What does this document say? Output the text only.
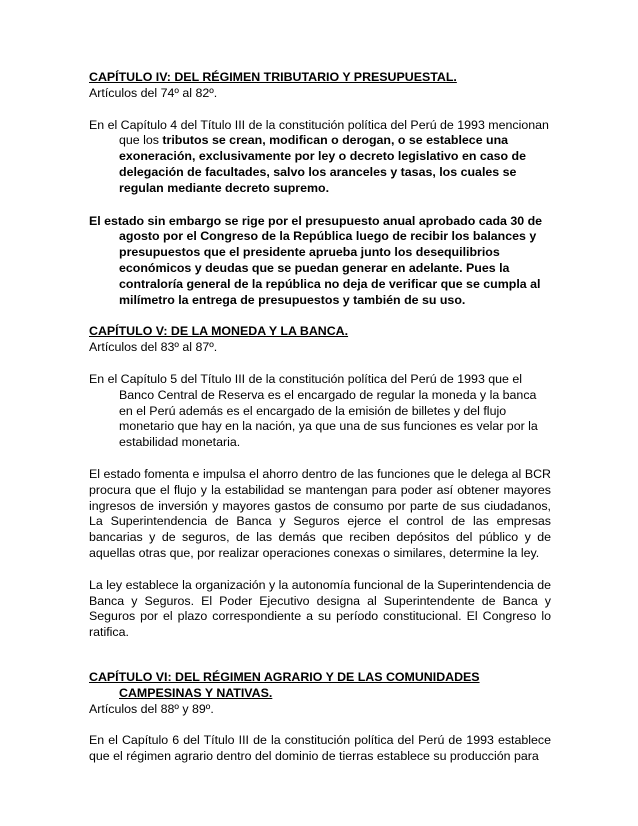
CAPÍTULO IV: DEL RÉGIMEN TRIBUTARIO Y PRESUPUESTAL.

Artículos del 74º al 82º.

En el Capítulo 4 del Título III de la constitución política del Perú de 1993 mencionan que los tributos se crean, modifican o derogan, o se establece una exoneración, exclusivamente por ley o decreto legislativo en caso de delegación de facultades, salvo los aranceles y tasas, los cuales se regulan mediante decreto supremo.

El estado sin embargo se rige por el presupuesto anual aprobado cada 30 de agosto por el Congreso de la República luego de recibir los balances y presupuestos que el presidente aprueba junto los desequilibrios económicos y deudas que se puedan generar en adelante. Pues la contraloría general de la república no deja de verificar que se cumpla al milímetro la entrega de presupuestos y también de su uso.

CAPÍTULO V: DE LA MONEDA Y LA BANCA.

Artículos del 83º al 87º.

En el Capítulo 5 del Título III de la constitución política del Perú de 1993 que el Banco Central de Reserva es el encargado de regular la moneda y la banca en el Perú además es el encargado de la emisión de billetes y del flujo monetario que hay en la nación, ya que una de sus funciones es velar por la estabilidad monetaria.

El estado fomenta e impulsa el ahorro dentro de las funciones que le delega al BCR procura que el flujo y la estabilidad se mantengan para poder así obtener mayores ingresos de inversión y mayores gastos de consumo por parte de sus ciudadanos, La Superintendencia de Banca y Seguros ejerce el control de las empresas bancarias y de seguros, de las demás que reciben depósitos del público y de aquellas otras que, por realizar operaciones conexas o similares, determine la ley.

La ley establece la organización y la autonomía funcional de la Superintendencia de Banca y Seguros. El Poder Ejecutivo designa al Superintendente de Banca y Seguros por el plazo correspondiente a su período constitucional. El Congreso lo ratifica.

CAPÍTULO VI: DEL RÉGIMEN AGRARIO Y DE LAS COMUNIDADES CAMPESINAS Y NATIVAS.

Artículos del 88º y 89º.

En el Capítulo 6 del Título III de la constitución política del Perú de 1993 establece que el régimen agrario dentro del dominio de tierras establece su producción para
